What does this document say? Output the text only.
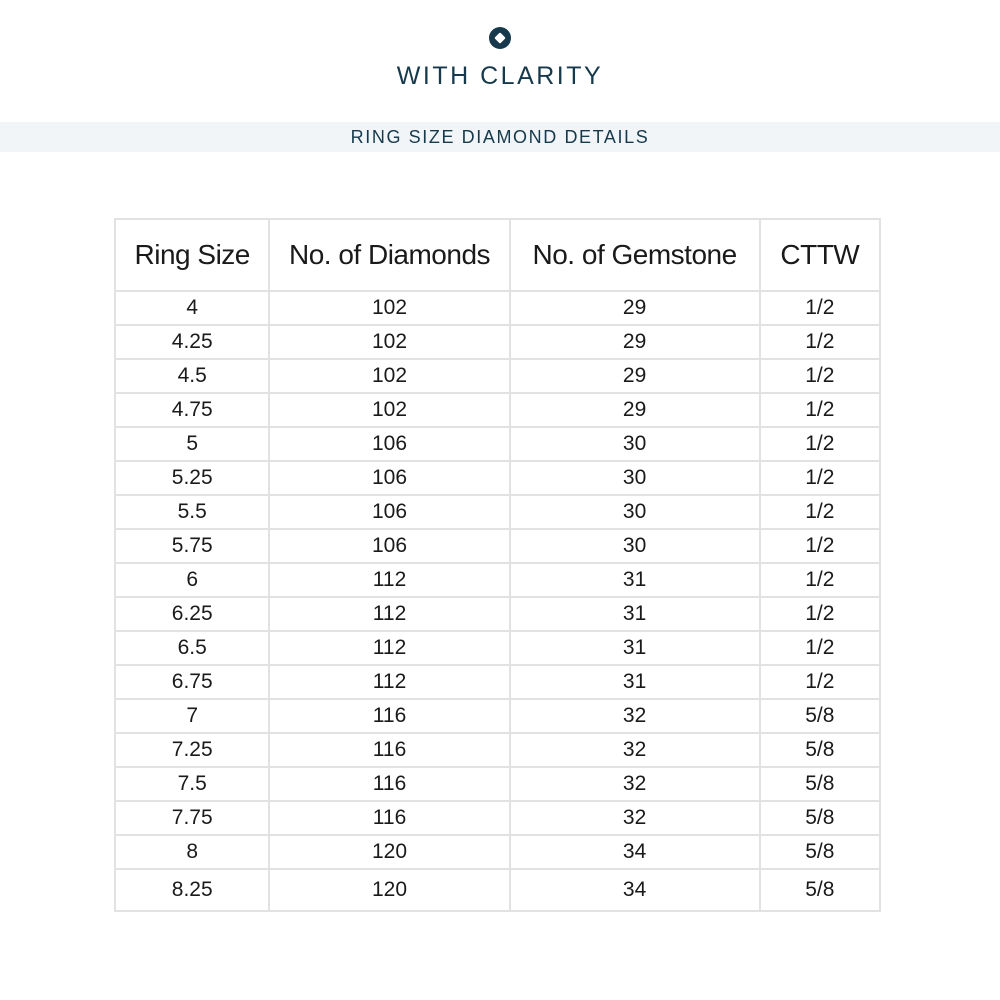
WITH CLARITY
RING SIZE DIAMOND DETAILS
Ring Size	No. of Diamonds	No. of Gemstone	CTTW
4	102	29	1/2
4.25	102	29	1/2
4.5	102	29	1/2
4.75	102	29	1/2
5	106	30	1/2
5.25	106	30	1/2
5.5	106	30	1/2
5.75	106	30	1/2
6	112	31	1/2
6.25	112	31	1/2
6.5	112	31	1/2
6.75	112	31	1/2
7	116	32	5/8
7.25	116	32	5/8
7.5	116	32	5/8
7.75	116	32	5/8
8	120	34	5/8
8.25	120	34	5/8
